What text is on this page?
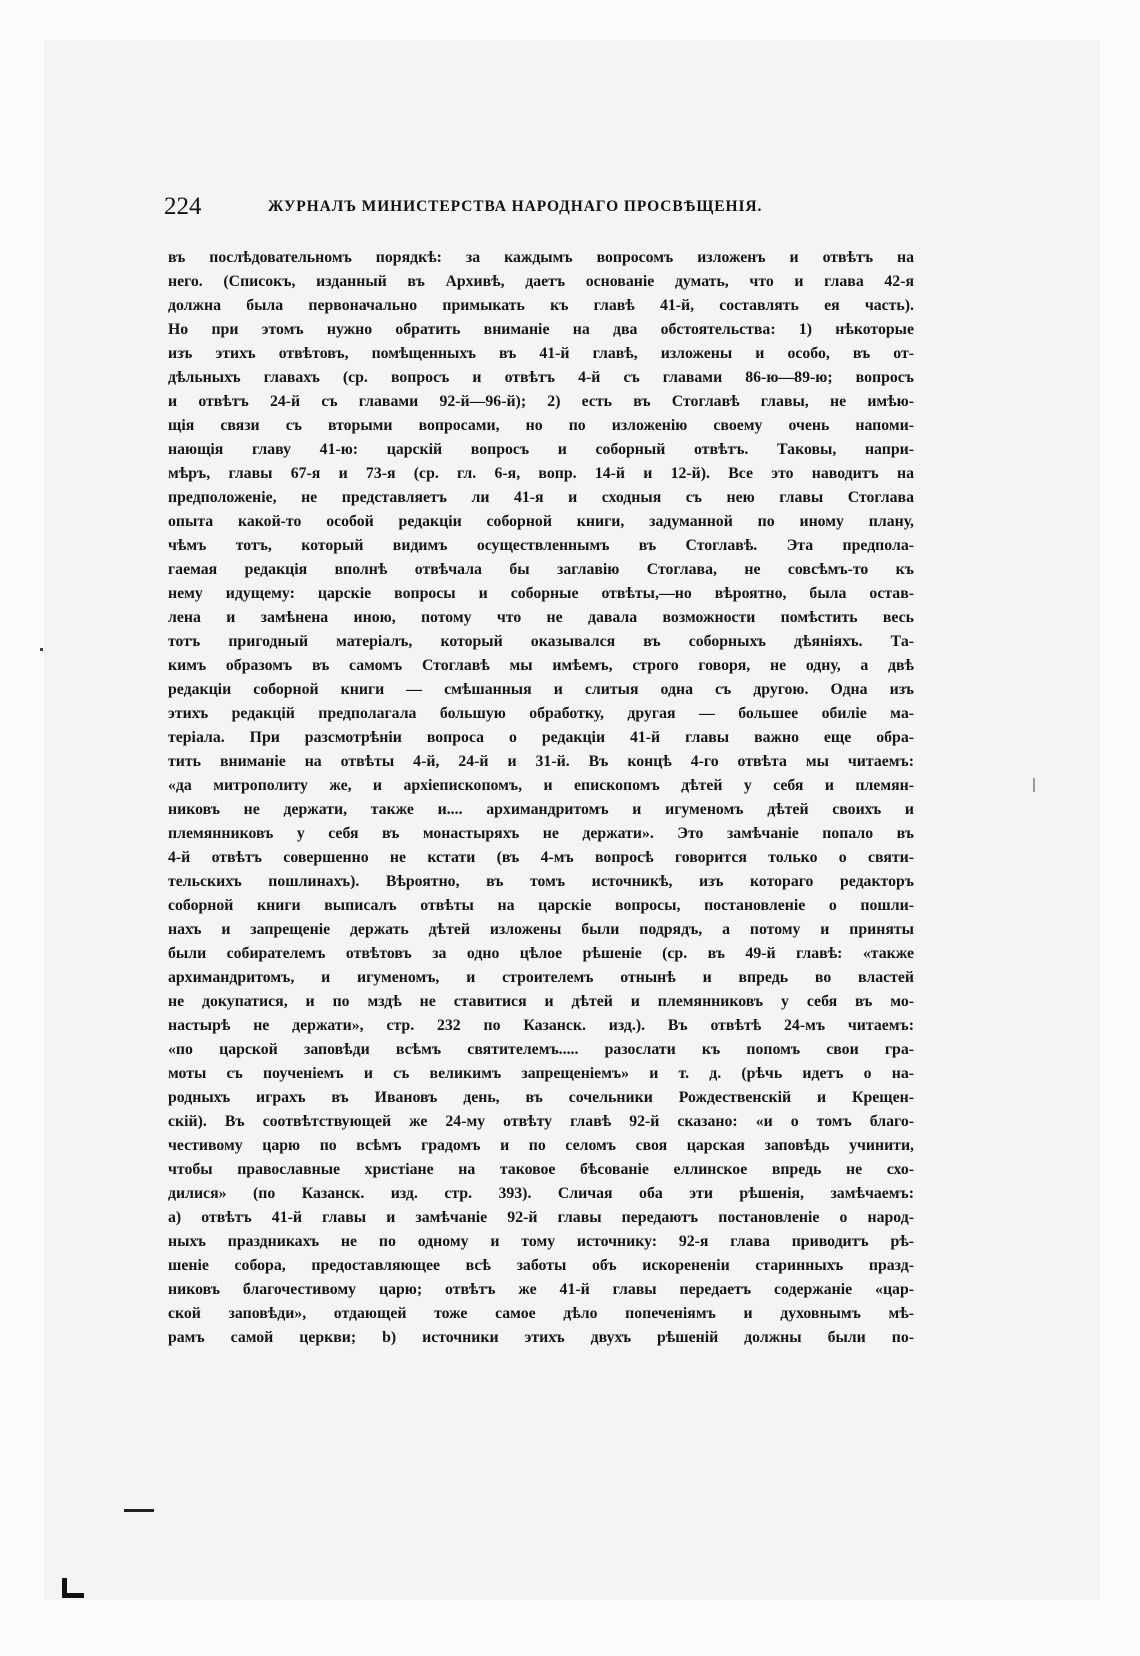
224	ЖУРНАЛЪ МИНИСТЕРСТВА НАРОДНАГО ПРОСВѢЩЕНІЯ.
въ послѣдовательномъ порядкѣ: за каждымъ вопросомъ изложенъ и отвѣтъ на
него. (Списокъ, изданный въ Архивѣ, даетъ основаніе думать, что и глава 42-я
должна была первоначально примыкать къ главѣ 41-й, составлять ея часть).
Но при этомъ нужно обратить вниманіе на два обстоятельства: 1) нѣкоторые
изъ этихъ отвѣтовъ, помѣщенныхъ въ 41-й главѣ, изложены и особо, въ от-
дѣльныхъ главахъ (ср. вопросъ и отвѣтъ 4-й съ главами 86-ю—89-ю; вопросъ
и отвѣтъ 24-й съ главами 92-й—96-й); 2) есть въ Стоглавѣ главы, не имѣю-
щія связи съ вторыми вопросами, но по изложенію своему очень напоми-
нающія главу 41-ю: царскій вопросъ и соборный отвѣтъ. Таковы, напри-
мѣръ, главы 67-я и 73-я (ср. гл. 6-я, вопр. 14-й и 12-й). Все это наводитъ на
предположеніе, не представляетъ ли 41-я и сходныя съ нею главы Стоглава
опыта какой-то особой редакціи соборной книги, задуманной по иному плану,
чѣмъ тотъ, который видимъ осуществленнымъ въ Стоглавѣ. Эта предпола-
гаемая редакція вполнѣ отвѣчала бы заглавію Стоглава, не совсѣмъ-то къ
нему идущему: царскіе вопросы и соборные отвѣты,—но вѣроятно, была остав-
лена и замѣнена иною, потому что не давала возможности помѣстить весь
тотъ пригодный матеріалъ, который оказывался въ соборныхъ дѣяніяхъ. Та-
кимъ образомъ въ самомъ Стоглавѣ мы имѣемъ, строго говоря, не одну, а двѣ
редакціи соборной книги — смѣшанныя и слитыя одна съ другою. Одна изъ
этихъ редакцій предполагала большую обработку, другая — большее обиліе ма-
теріала. При разсмотрѣніи вопроса о редакціи 41-й главы важно еще обра-
тить вниманіе на отвѣты 4-й, 24-й и 31-й. Въ концѣ 4-го отвѣта мы читаемъ:
«да митрополиту же, и архіепископомъ, и епископомъ дѣтей у себя и племян-
никовъ не держати, также и.... архимандритомъ и игуменомъ дѣтей своихъ и
племянниковъ у себя въ монастыряхъ не держати». Это замѣчаніе попало въ
4-й отвѣтъ совершенно не кстати (въ 4-мъ вопросѣ говорится только о святи-
тельскихъ пошлинахъ). Вѣроятно, въ томъ источникѣ, изъ котораго редакторъ
соборной книги выписалъ отвѣты на царскіе вопросы, постановленіе о пошли-
нахъ и запрещеніе держать дѣтей изложены были подрядъ, а потому и приняты
были собирателемъ отвѣтовъ за одно цѣлое рѣшеніе (ср. въ 49-й главѣ: «также
архимандритомъ, и игуменомъ, и строителемъ отнынѣ и впредь во властей
не докупатися, и по мздѣ не ставитися и дѣтей и племянниковъ у себя въ мо-
настырѣ не держати», стр. 232 по Казанск. изд.). Въ отвѣтѣ 24-мъ читаемъ:
«по царской заповѣди всѣмъ святителемъ..... разослати къ попомъ свои гра-
моты съ поученіемъ и съ великимъ запрещеніемъ» и т. д. (рѣчь идетъ о на-
родныхъ играхъ въ Ивановъ день, въ сочельники Рождественскій и Крещен-
скій). Въ соотвѣтствующей же 24-му отвѣту главѣ 92-й сказано: «и о томъ благо-
честивому царю по всѣмъ градомъ и по селомъ своя царская заповѣдь учинити,
чтобы православные христіане на таковое бѣсованіе еллинское впредь не схо-
дилися» (по Казанск. изд. стр. 393). Сличая оба эти рѣшенія, замѣчаемъ:
a) отвѣтъ 41-й главы и замѣчаніе 92-й главы передаютъ постановленіе о народ-
ныхъ праздникахъ не по одному и тому источнику: 92-я глава приводитъ рѣ-
шеніе собора, предоставляющее всѣ заботы объ искорененіи старинныхъ празд-
никовъ благочестивому царю; отвѣтъ же 41-й главы передаетъ содержаніе «цар-
ской заповѣди», отдающей тоже самое дѣло попеченіямъ и духовнымъ мѣ-
рамъ самой церкви; b) источники этихъ двухъ рѣшеній должны были по-
